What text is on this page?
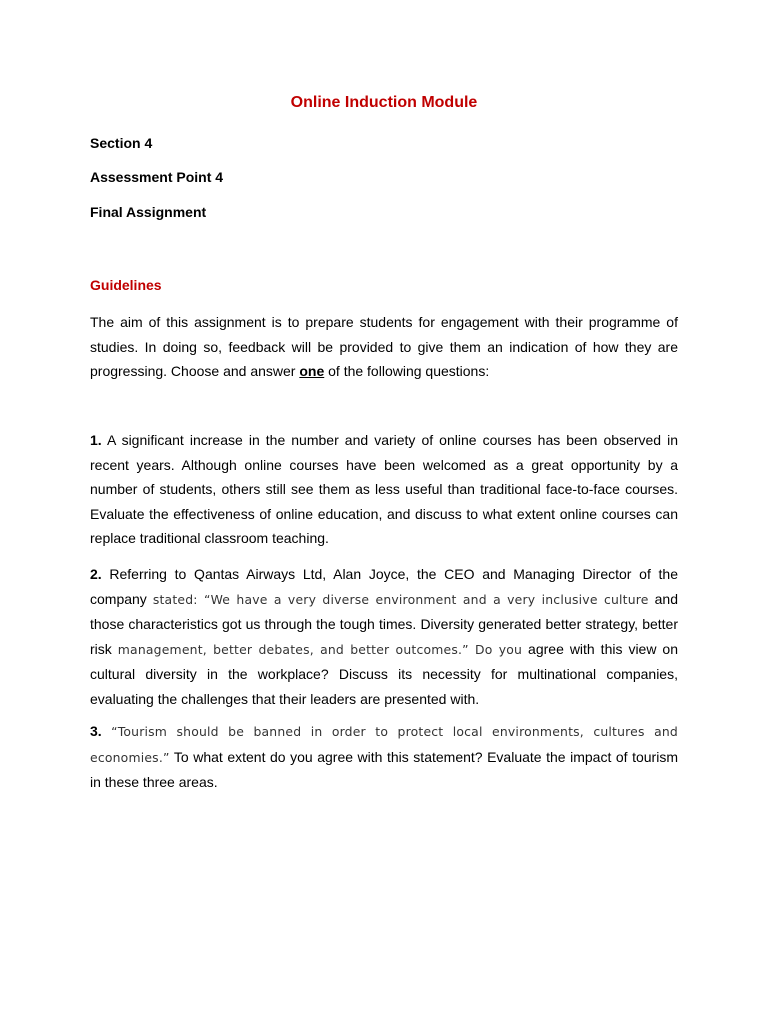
Online Induction Module
Section 4
Assessment Point 4
Final Assignment
Guidelines
The aim of this assignment is to prepare students for engagement with their programme of studies. In doing so, feedback will be provided to give them an indication of how they are progressing. Choose and answer one of the following questions:
1. A significant increase in the number and variety of online courses has been observed in recent years. Although online courses have been welcomed as a great opportunity by a number of students, others still see them as less useful than traditional face-to-face courses. Evaluate the effectiveness of online education, and discuss to what extent online courses can replace traditional classroom teaching.
2. Referring to Qantas Airways Ltd, Alan Joyce, the CEO and Managing Director of the company stated: “We have a very diverse environment and a very inclusive culture and those characteristics got us through the tough times. Diversity generated better strategy, better risk management, better debates, and better outcomes.” Do you agree with this view on cultural diversity in the workplace? Discuss its necessity for multinational companies, evaluating the challenges that their leaders are presented with.
3. “Tourism should be banned in order to protect local environments, cultures and economies.” To what extent do you agree with this statement? Evaluate the impact of tourism in these three areas.
